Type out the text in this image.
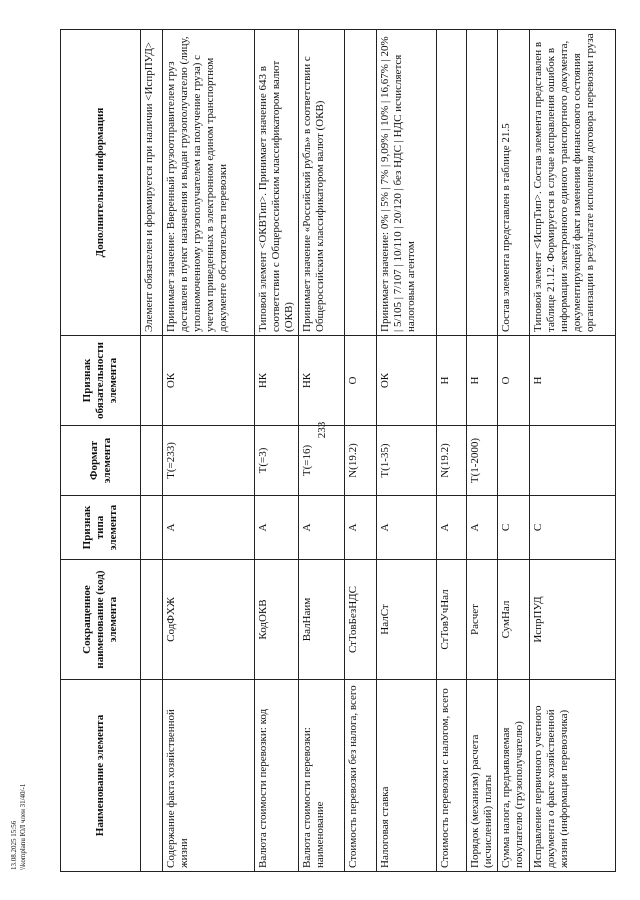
233
13.08.2025 15:56 \\komplanu ЮЛ член 31/40/-1	Наименование элемента	Сокращенное наименование (код) элемента	Признак типа элемента	Формат элемента	Признак обязательности элемента	Дополнительная информация
					Элемент обязателен и формируется при наличии <ИспрПУД>
Содержание факта хозяйственной жизни	СодФХЖ	А	T(=233)	ОК	Принимает значение: Вверенный грузоотправителем груз доставлен в пункт назначения и выдан грузополучателю (лицу, уполномоченному грузополучателем на получение груза) с учетом приведенных в электронном едином транспортном документе обстоятельств перевозки
Валюта стоимости перевозки: код	КодОКВ	А	T(=3)	НК	Типовой элемент <ОКВТип>. Принимает значение 643 в соответствии с Общероссийским классификатором валют (ОКВ)
Валюта стоимости перевозки: наименование	ВалНаим	А	T(=16)	НК	Принимает значение «Российский рубль» в соответствии с Общероссийским классификатором валют (ОКВ)
Стоимость перевозки без налога, всего	СтТовБезНДС	А	N(19.2)	О	
Налоговая ставка	НалСт	А	T(1-35)	ОК	Принимает значение: 0% | 5% | 7% | 9,09% | 10% | 16,67% | 20% | 5/105 | 7/107 | 10/110 | 20/120 | без НДС | НДС исчисляется налоговым агентом
Стоимость перевозки с налогом, всего	СтТовУчНал	А	N(19.2)	Н	
Порядок (механизм) расчета (исчислений) платы	Расчет	А	T(1-2000)	Н	
Сумма налога, предъявляемая покупателю (грузополучателю)	СумНал	С		О	Состав элемента представлен в таблице 21.5
Исправление первичного учетного документа о факте хозяйственной жизни (информация перевозчика)	ИспрПУД	С		Н	Типовой элемент <ИспрТип>. Состав элемента представлен в таблице 21.12. Формируется в случае исправления ошибок в информации электронного единого транспортного документа, документирующей факт изменения финансового состояния организации в результате исполнения договора перевозки груза
